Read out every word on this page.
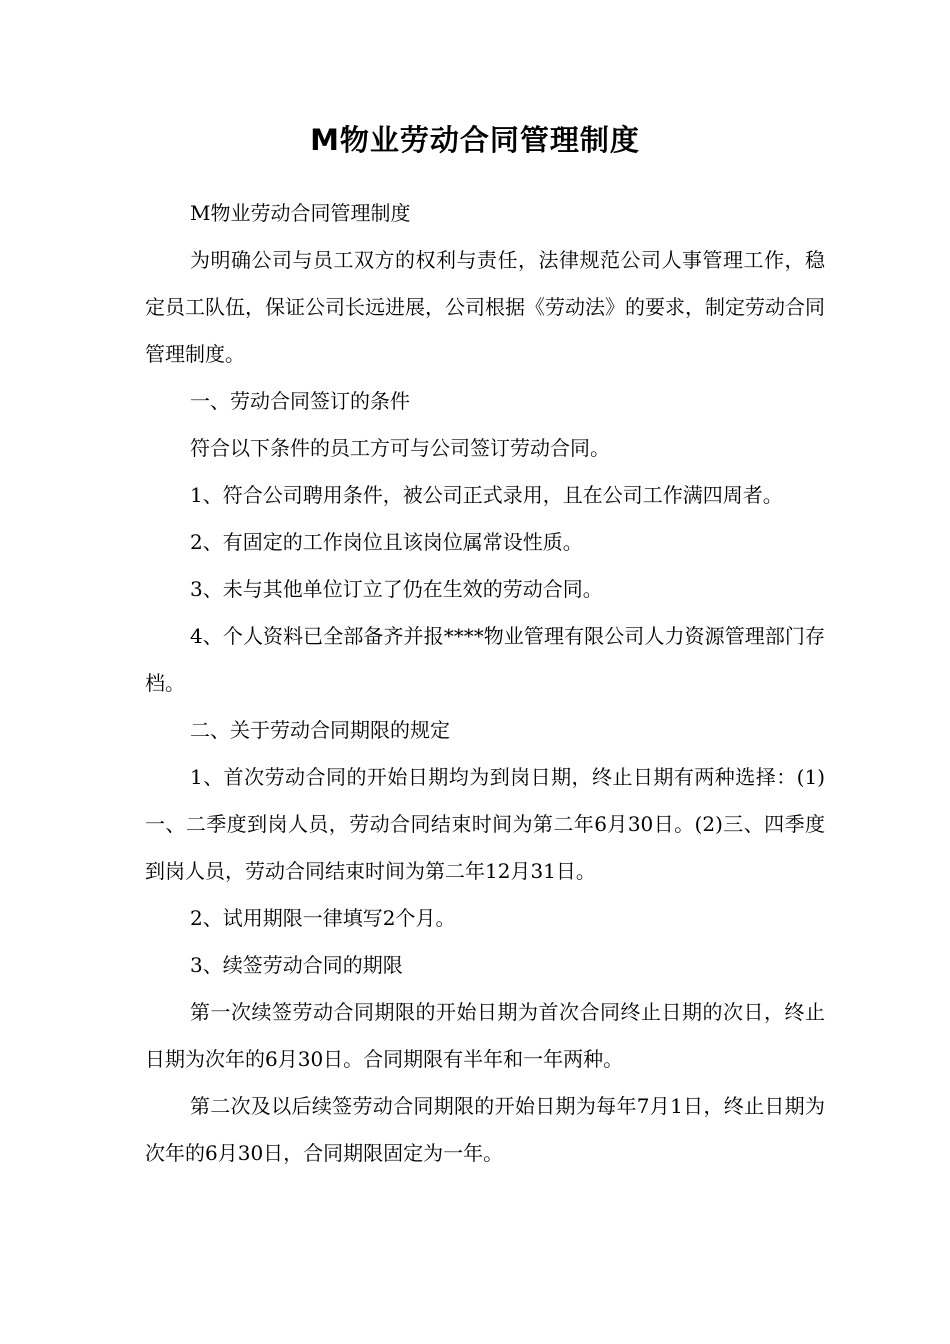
M物业劳动合同管理制度

M物业劳动合同管理制度

为明确公司与员工双方的权利与责任，法律规范公司人事管理工作，稳定员工队伍，保证公司长远进展，公司根据《劳动法》的要求，制定劳动合同管理制度。

一、劳动合同签订的条件

符合以下条件的员工方可与公司签订劳动合同。

1、符合公司聘用条件，被公司正式录用，且在公司工作满四周者。

2、有固定的工作岗位且该岗位属常设性质。

3、未与其他单位订立了仍在生效的劳动合同。

4、个人资料已全部备齐并报****物业管理有限公司人力资源管理部门存档。

二、关于劳动合同期限的规定

1、首次劳动合同的开始日期均为到岗日期，终止日期有两种选择：(1)一、二季度到岗人员，劳动合同结束时间为第二年6月30日。(2)三、四季度到岗人员，劳动合同结束时间为第二年12月31日。

2、试用期限一律填写2个月。

3、续签劳动合同的期限

第一次续签劳动合同期限的开始日期为首次合同终止日期的次日，终止日期为次年的6月30日。合同期限有半年和一年两种。

第二次及以后续签劳动合同期限的开始日期为每年7月1日，终止日期为次年的6月30日，合同期限固定为一年。
